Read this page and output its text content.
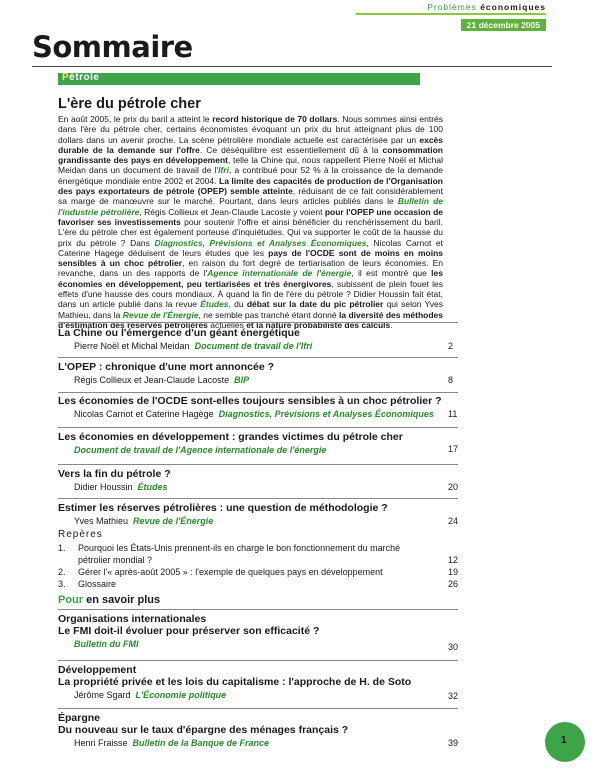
Problèmes économiques
21 décembre 2005
Sommaire
Pétrole
L'ère du pétrole cher
En août 2005, le prix du baril a atteint le record historique de 70 dollars. Nous sommes ainsi entrés dans l'ère du pétrole cher, certains économistes évoquant un prix du brut atteignant plus de 100 dollars dans un avenir proche. La scène pétrolière mondiale actuelle est caractérisée par un excès durable de la demande sur l'offre. Ce déséquilibre est essentiellement dû à la consommation grandissante des pays en développement, telle la Chine qui, nous rappellent Pierre Noël et Michal Meidan dans un document de travail de l'Ifri, a contribué pour 52 % à la croissance de la demande énergétique mondiale entre 2002 et 2004. La limite des capacités de production de l'Organisation des pays exportateurs de pétrole (OPEP) semble atteinte, réduisant de ce fait considérablement sa marge de manœuvre sur le marché. Pourtant, dans leurs articles publiés dans le Bulletin de l'industrie pétrolière, Régis Collieux et Jean-Claude Lacoste y voient pour l'OPEP une occasion de favoriser ses investissements pour soutenir l'offre et ainsi bénéficier du renchérissement du baril. L'ère du pétrole cher est également porteuse d'inquiétudes. Qui va supporter le coût de la hausse du prix du pétrole ? Dans Diagnostics, Prévisions et Analyses Économiques, Nicolas Carnot et Caterine Hagege déduisent de leurs études que les pays de l'OCDE sont de moins en moins sensibles à un choc pétrolier, en raison du fort degré de tertiarisation de leurs économies. En revanche, dans un des rapports de l'Agence internationale de l'énergie, il est montré que les économies en développement, peu tertiarisées et très énergivores, subissent de plein fouet les effets d'une hausse des cours mondiaux. À quand la fin de l'ère du pétrole ? Didier Houssin fait état, dans un article publié dans la revue Études, du débat sur la date du pic pétrolier qui selon Yves Mathieu, dans la Revue de l'Énergie, ne semble pas tranché étant donné la diversité des méthodes d'estimation des réserves pétrolières actuelles et la nature probabiliste des calculs.
La Chine ou l'émergence d'un géant énergétique
Pierre Noël et Michal Meidan Document de travail de l'Ifri	2
L'OPEP : chronique d'une mort annoncée ?
Régis Collieux et Jean-Claude Lacoste BIP	8
Les économies de l'OCDE sont-elles toujours sensibles à un choc pétrolier ?
Nicolas Carnot et Caterine Hagège Diagnostics, Prévisions et Analyses Économiques	11
Les économies en développement : grandes victimes du pétrole cher
Document de travail de l'Agence internationale de l'énergie	17
Vers la fin du pétrole ?
Didier Houssin Études	20
Estimer les réserves pétrolières : une question de méthodologie ?
Yves Mathieu Revue de l'Énergie	24
Repères
1. Pourquoi les États-Unis prennent-ils en charge le bon fonctionnement du marché
pétrolier mondial ?	12
2. Gérer l'« après-août 2005 » : l'exemple de quelques pays en développement	19
3. Glossaire	26
Pour en savoir plus
Organisations internationales
Le FMI doit-il évoluer pour préserver son efficacité ?
Bulletin du FMI	30
Développement
La propriété privée et les lois du capitalisme : l'approche de H. de Soto
Jérôme Sgard L'Économie politique	32
Épargne
Du nouveau sur le taux d'épargne des ménages français ?
Henri Fraisse Bulletin de la Banque de France	39	1
